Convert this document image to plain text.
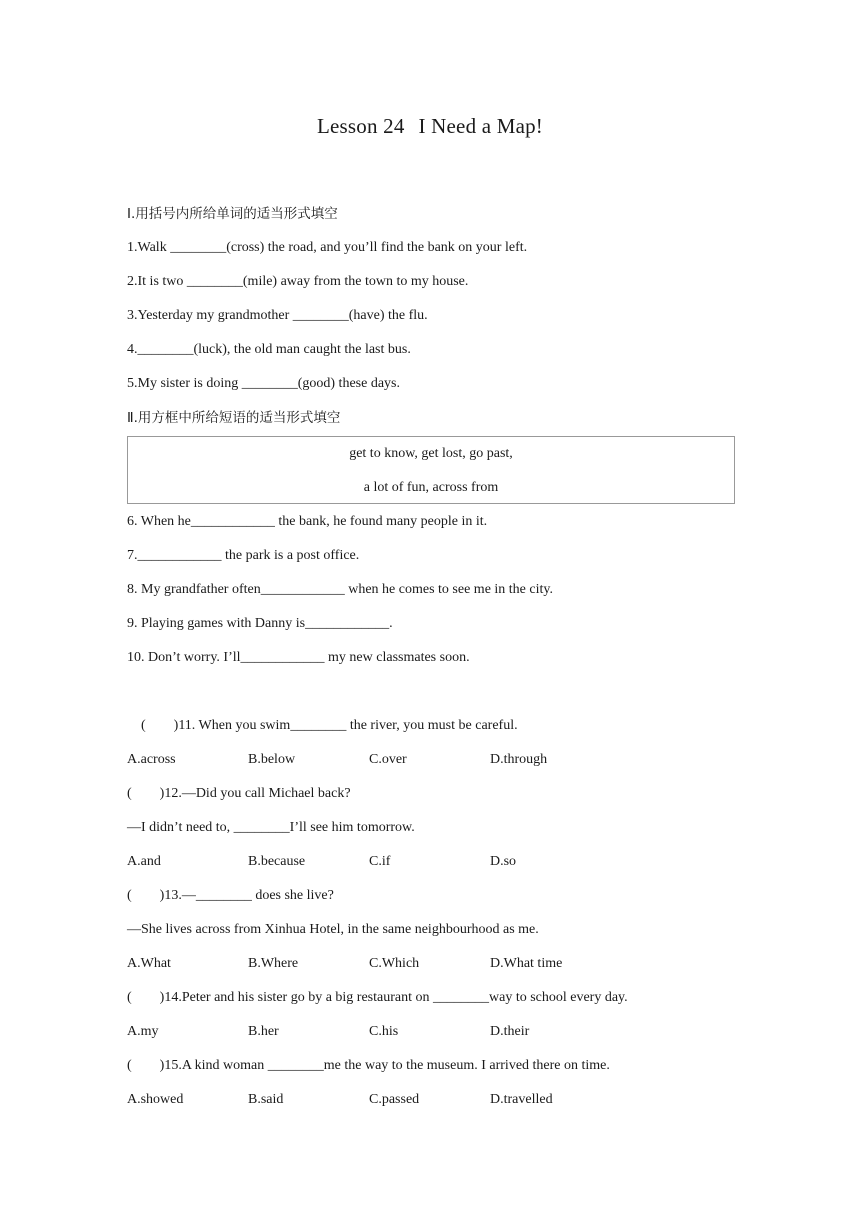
Lesson 24 I Need a Map!
Ⅰ.用括号内所给单词的适当形式填空
1.Walk ________(cross) the road, and you’ll find the bank on your left.
2.It is two ________(mile) away from the town to my house.
3.Yesterday my grandmother ________(have) the flu.
4.________(luck), the old man caught the last bus.
5.My sister is doing ________(good) these days.
Ⅱ.用方框中所给短语的适当形式填空
get to know, get lost, go past,
a lot of fun, across from
6. When he____________ the bank, he found many people in it.
7.____________ the park is a post office.
8. My grandfather often____________ when he comes to see me in the city.
9. Playing games with Danny is____________.
10. Don’t worry. I’ll____________ my new classmates soon.
(　　)11. When you swim________ the river, you must be careful.
A.across	B.below	C.over	D.through
(　　)12.—Did you call Michael back?
—I didn’t need to, ________I’ll see him tomorrow.
A.and	B.because	C.if	D.so
(　　)13.—________ does she live?
—She lives across from Xinhua Hotel, in the same neighbourhood as me.
A.What	B.Where	C.Which	D.What time
(　　)14.Peter and his sister go by a big restaurant on ________way to school every day.
A.my	B.her	C.his	D.their
(　　)15.A kind woman ________me the way to the museum. I arrived there on time.
A.showed	B.said	C.passed	D.travelled
